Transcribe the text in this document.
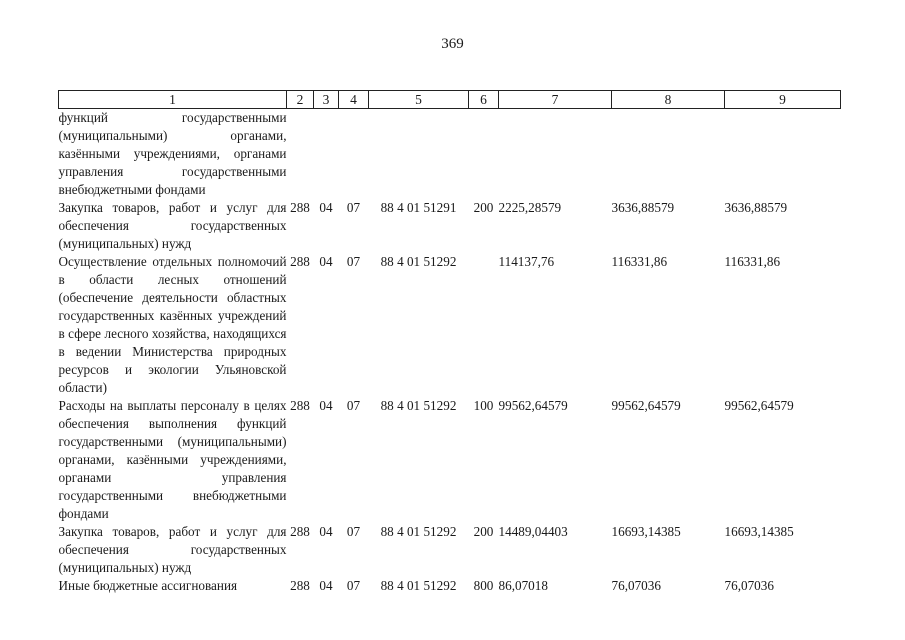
369
1	2	3	4	5	6	7	8	9
функций государственными (муниципальными) органами, казёнными учреждениями, органами управления государственными внебюджетными фондами								
Закупка товаров, работ и услуг для обеспечения государственных (муниципальных) нужд	288	04	07	88 4 01 51291	200	2225,28579	3636,88579	3636,88579
Осуществление отдельных полномочий в области лесных отношений (обеспечение деятельности областных государственных казённых учреждений в сфере лесного хозяйства, находящихся в ведении Министерства природных ресурсов и экологии Ульяновской области)	288	04	07	88 4 01 51292		114137,76	116331,86	116331,86
Расходы на выплаты персоналу в целях обеспечения выполнения функций государственными (муниципальными) органами, казёнными учреждениями, органами управления государственными внебюджетными фондами	288	04	07	88 4 01 51292	100	99562,64579	99562,64579	99562,64579
Закупка товаров, работ и услуг для обеспечения государственных (муниципальных) нужд	288	04	07	88 4 01 51292	200	14489,04403	16693,14385	16693,14385
Иные бюджетные ассигнования	288	04	07	88 4 01 51292	800	86,07018	76,07036	76,07036
